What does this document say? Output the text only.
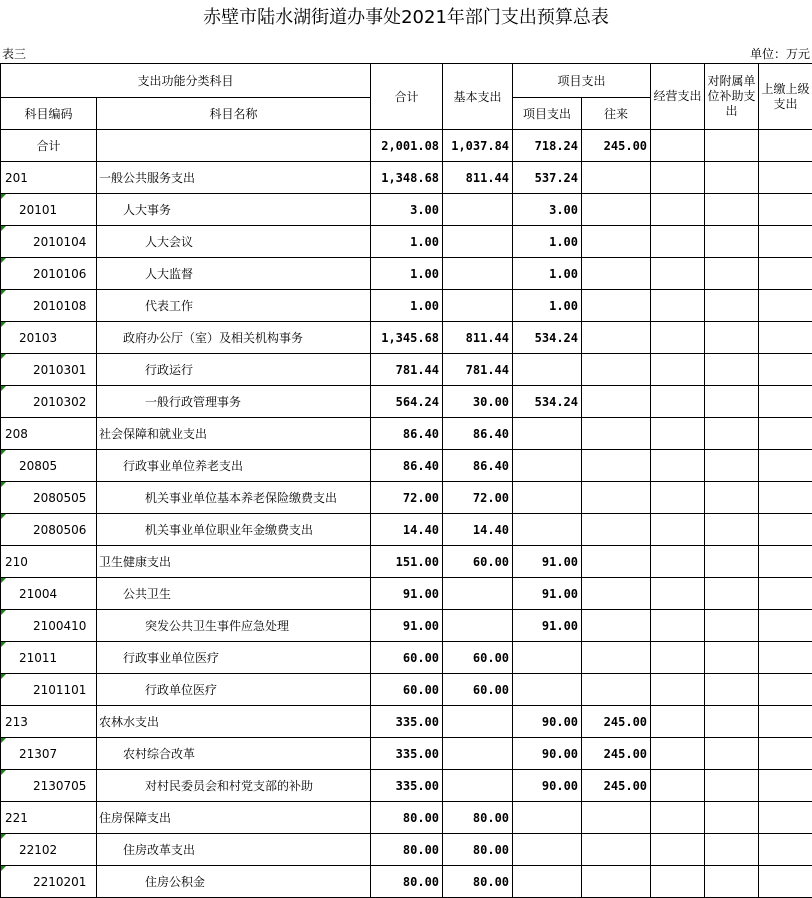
赤壁市陆水湖街道办事处2021年部门支出预算总表
表三	单位：万元
支出功能分类科目		合计	基本支出	项目支出		经营支出	对附属单位补助支出	上缴上级支出
科目编码	科目名称			项目支出	往来			
合计		2,001.08	1,037.84	718.24	245.00			
201	一般公共服务支出	1,348.68	811.44	537.24				
20101	人大事务	3.00		3.00				
2010104	人大会议	1.00		1.00				
2010106	人大监督	1.00		1.00				
2010108	代表工作	1.00		1.00				
20103	政府办公厅（室）及相关机构事务	1,345.68	811.44	534.24				
2010301	行政运行	781.44	781.44					
2010302	一般行政管理事务	564.24	30.00	534.24				
208	社会保障和就业支出	86.40	86.40					
20805	行政事业单位养老支出	86.40	86.40					
2080505	机关事业单位基本养老保险缴费支出	72.00	72.00					
2080506	机关事业单位职业年金缴费支出	14.40	14.40					
210	卫生健康支出	151.00	60.00	91.00				
21004	公共卫生	91.00		91.00				
2100410	突发公共卫生事件应急处理	91.00		91.00				
21011	行政事业单位医疗	60.00	60.00					
2101101	行政单位医疗	60.00	60.00					
213	农林水支出	335.00		90.00	245.00			
21307	农村综合改革	335.00		90.00	245.00			
2130705	对村民委员会和村党支部的补助	335.00		90.00	245.00			
221	住房保障支出	80.00	80.00					
22102	住房改革支出	80.00	80.00					
2210201	住房公积金	80.00	80.00					
